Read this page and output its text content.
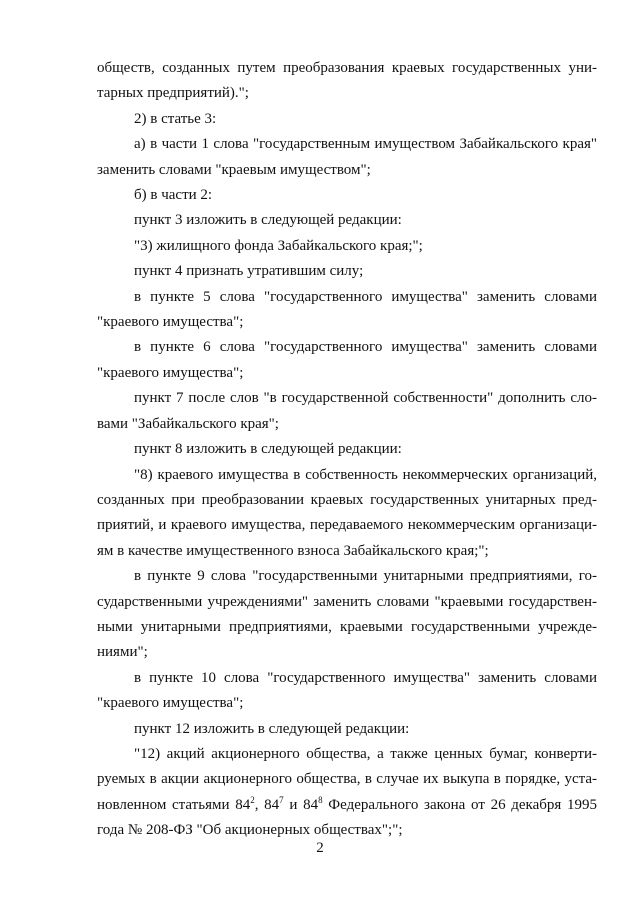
обществ, созданных путем преобразования краевых государственных уни-
тарных предприятий).";
2) в статье 3:
а) в части 1 слова "государственным имуществом Забайкальского края"
заменить словами "краевым имуществом";
б) в части 2:
пункт 3 изложить в следующей редакции:
"3) жилищного фонда Забайкальского края;";
пункт 4 признать утратившим силу;
в пункте 5 слова "государственного имущества" заменить словами
"краевого имущества";
в пункте 6 слова "государственного имущества" заменить словами
"краевого имущества";
пункт 7 после слов "в государственной собственности" дополнить сло-
вами "Забайкальского края";
пункт 8 изложить в следующей редакции:
"8) краевого имущества в собственность некоммерческих организаций,
созданных при преобразовании краевых государственных унитарных пред-
приятий, и краевого имущества, передаваемого некоммерческим организаци-
ям в качестве имущественного взноса Забайкальского края;";
в пункте 9 слова "государственными унитарными предприятиями, го-
сударственными учреждениями" заменить словами "краевыми государствен-
ными унитарными предприятиями, краевыми государственными учрежде-
ниями";
в пункте 10 слова "государственного имущества" заменить словами
"краевого имущества";
пункт 12 изложить в следующей редакции:
"12) акций акционерного общества, а также ценных бумаг, конверти-
руемых в акции акционерного общества, в случае их выкупа в порядке, уста-
новленном статьями $84^2$, $84^7$ и $84^8$ Федерального закона от 26 декабря 1995
года № 208-ФЗ "Об акционерных обществах";";
2
